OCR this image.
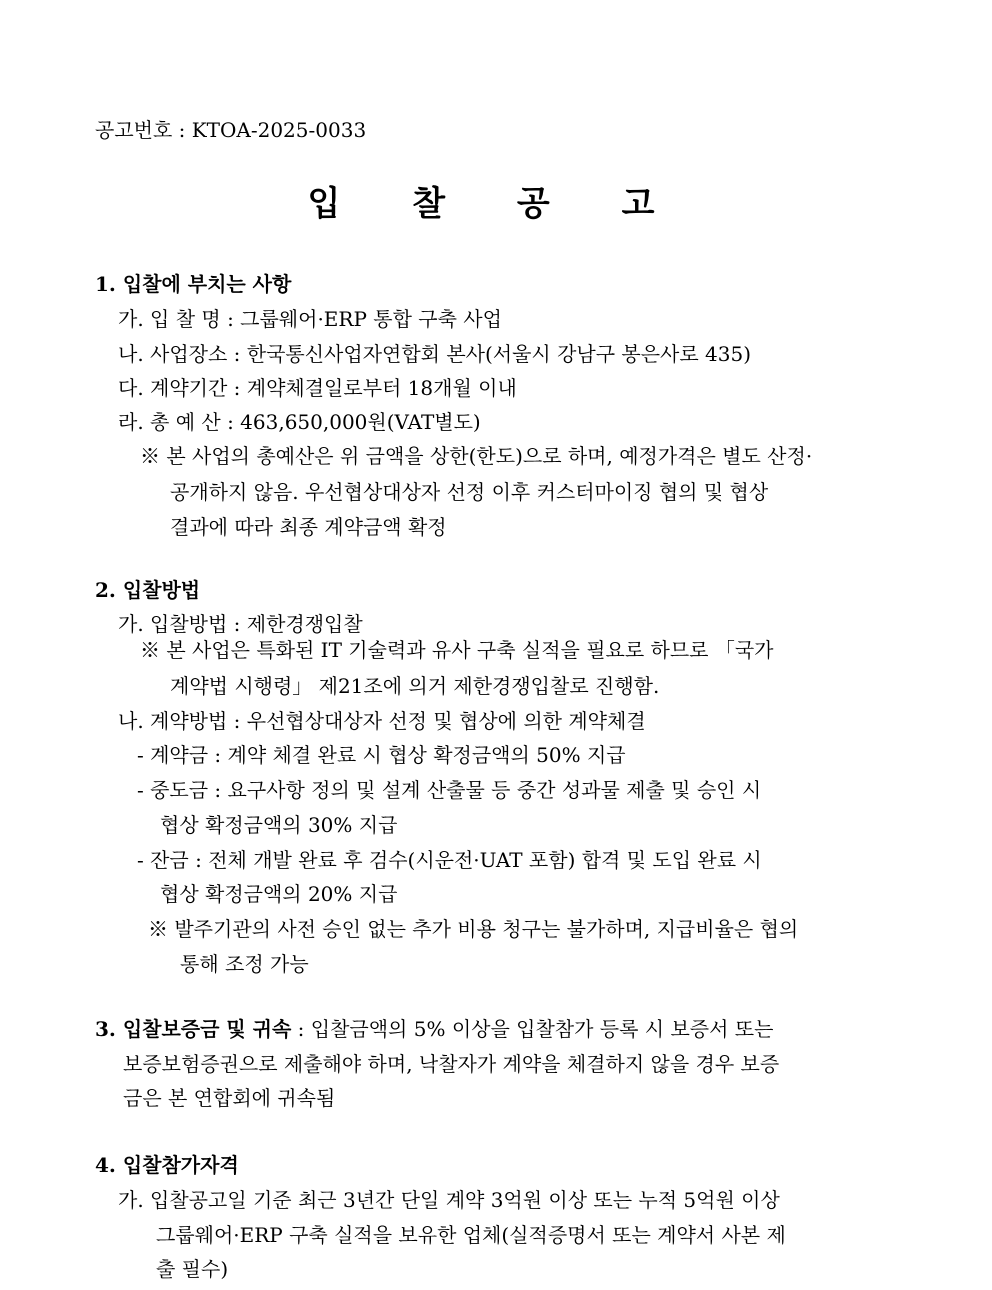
공고번호 : KTOA-2025-0033
입 찰 공 고
1. 입찰에 부치는 사항
가. 입 찰 명 : 그룹웨어·ERP 통합 구축 사업
나. 사업장소 : 한국통신사업자연합회 본사(서울시 강남구 봉은사로 435)
다. 계약기간 : 계약체결일로부터 18개월 이내
라. 총 예 산 : 463,650,000원(VAT별도)
※ 본 사업의 총예산은 위 금액을 상한(한도)으로 하며, 예정가격은 별도 산정·
공개하지 않음. 우선협상대상자 선정 이후 커스터마이징 협의 및 협상
결과에 따라 최종 계약금액 확정
2. 입찰방법
가. 입찰방법 : 제한경쟁입찰
※ 본 사업은 특화된 IT 기술력과 유사 구축 실적을 필요로 하므로 「국가
계약법 시행령」 제21조에 의거 제한경쟁입찰로 진행함.
나. 계약방법 : 우선협상대상자 선정 및 협상에 의한 계약체결
- 계약금 : 계약 체결 완료 시 협상 확정금액의 50% 지급
- 중도금 : 요구사항 정의 및 설계 산출물 등 중간 성과물 제출 및 승인 시
협상 확정금액의 30% 지급
- 잔금 : 전체 개발 완료 후 검수(시운전·UAT 포함) 합격 및 도입 완료 시
협상 확정금액의 20% 지급
※ 발주기관의 사전 승인 없는 추가 비용 청구는 불가하며, 지급비율은 협의
통해 조정 가능
3. 입찰보증금 및 귀속 : 입찰금액의 5% 이상을 입찰참가 등록 시 보증서 또는
보증보험증권으로 제출해야 하며, 낙찰자가 계약을 체결하지 않을 경우 보증
금은 본 연합회에 귀속됨
4. 입찰참가자격
가. 입찰공고일 기준 최근 3년간 단일 계약 3억원 이상 또는 누적 5억원 이상
그룹웨어·ERP 구축 실적을 보유한 업체(실적증명서 또는 계약서 사본 제
출 필수)
